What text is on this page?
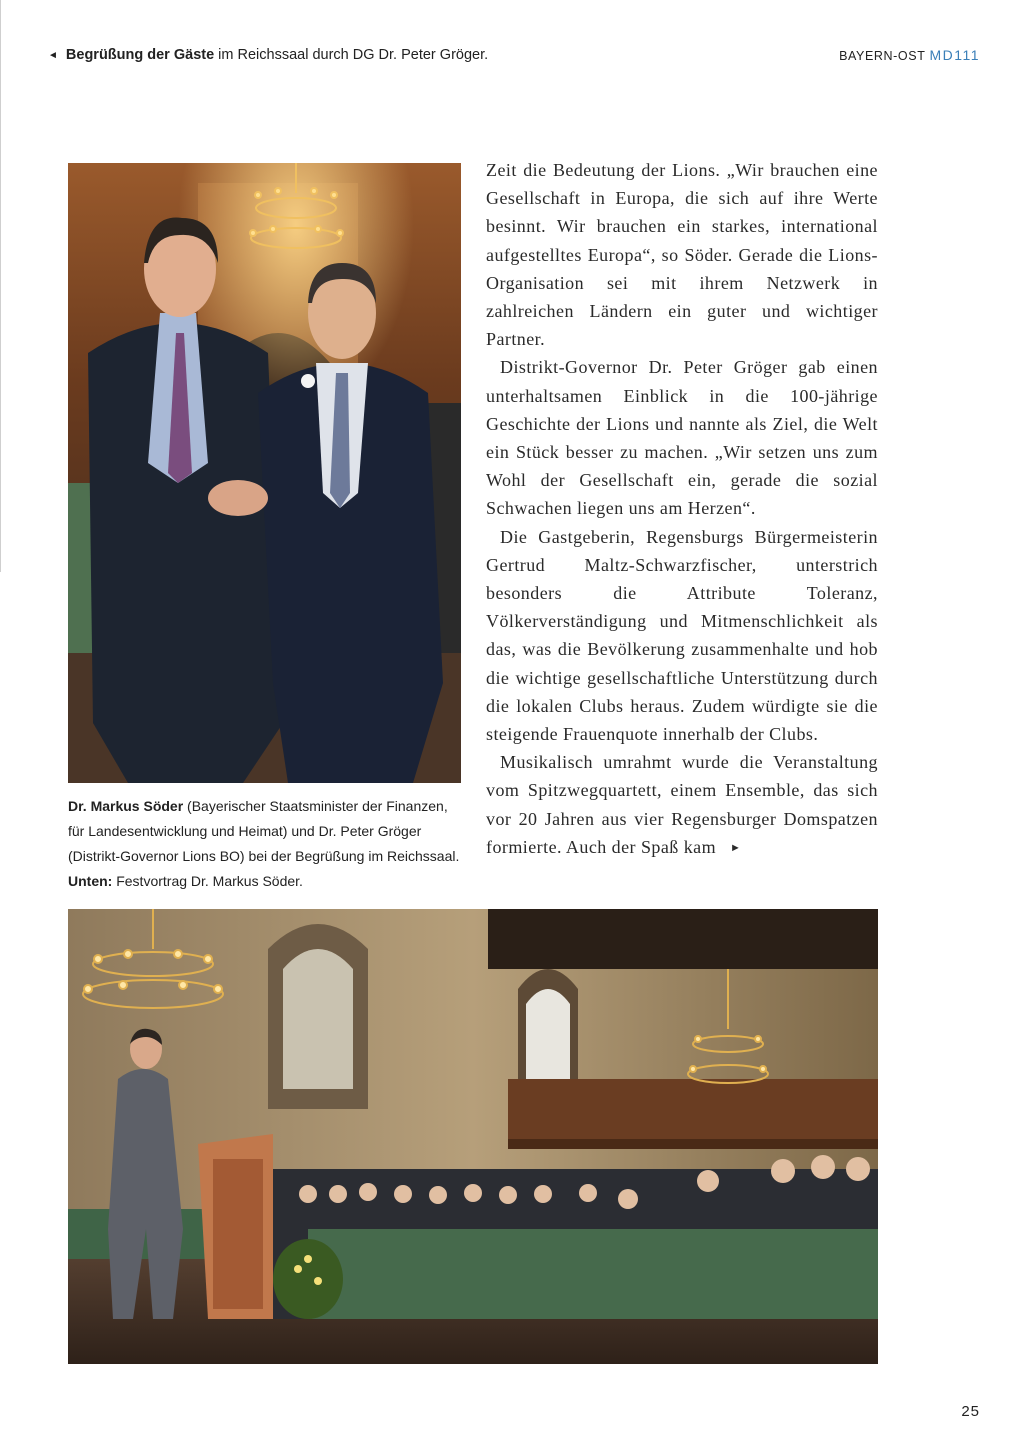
◄ Begrüßung der Gäste im Reichssaal durch DG Dr. Peter Gröger.	BAYERN-OST MD111

Dr. Markus Söder (Bayerischer Staatsminister der Finanzen, für Landesentwicklung und Heimat) und Dr. Peter Gröger (Distrikt-Governor Lions BO) bei der Begrüßung im Reichssaal.

Unten: Festvortrag Dr. Markus Söder.

Zeit die Bedeutung der Lions. „Wir brauchen eine Gesellschaft in Europa, die sich auf ihre Werte besinnt. Wir brauchen ein starkes, international aufgestelltes Europa“, so Söder. Gerade die Lions-Organisation sei mit ihrem Netzwerk in zahlreichen Ländern ein guter und wichtiger Partner.

Distrikt-Governor Dr. Peter Gröger gab einen unterhaltsamen Einblick in die 100-jährige Geschichte der Lions und nannte als Ziel, die Welt ein Stück besser zu machen. „Wir setzen uns zum Wohl der Gesellschaft ein, gerade die sozial Schwachen liegen uns am Herzen“.

Die Gastgeberin, Regensburgs Bürgermeisterin Gertrud Maltz-Schwarzfischer, unterstrich besonders die Attribute Toleranz, Völkerverständigung und Mitmenschlichkeit als das, was die Bevölkerung zusammenhalte und hob die wichtige gesellschaftliche Unterstützung durch die lokalen Clubs heraus. Zudem würdigte sie die steigende Frauenquote innerhalb der Clubs.

Musikalisch umrahmt wurde die Veranstaltung vom Spitzwegquartett, einem Ensemble, das sich vor 20 Jahren aus vier Regensburger Domspatzen formierte. Auch der Spaß kam ►

25
